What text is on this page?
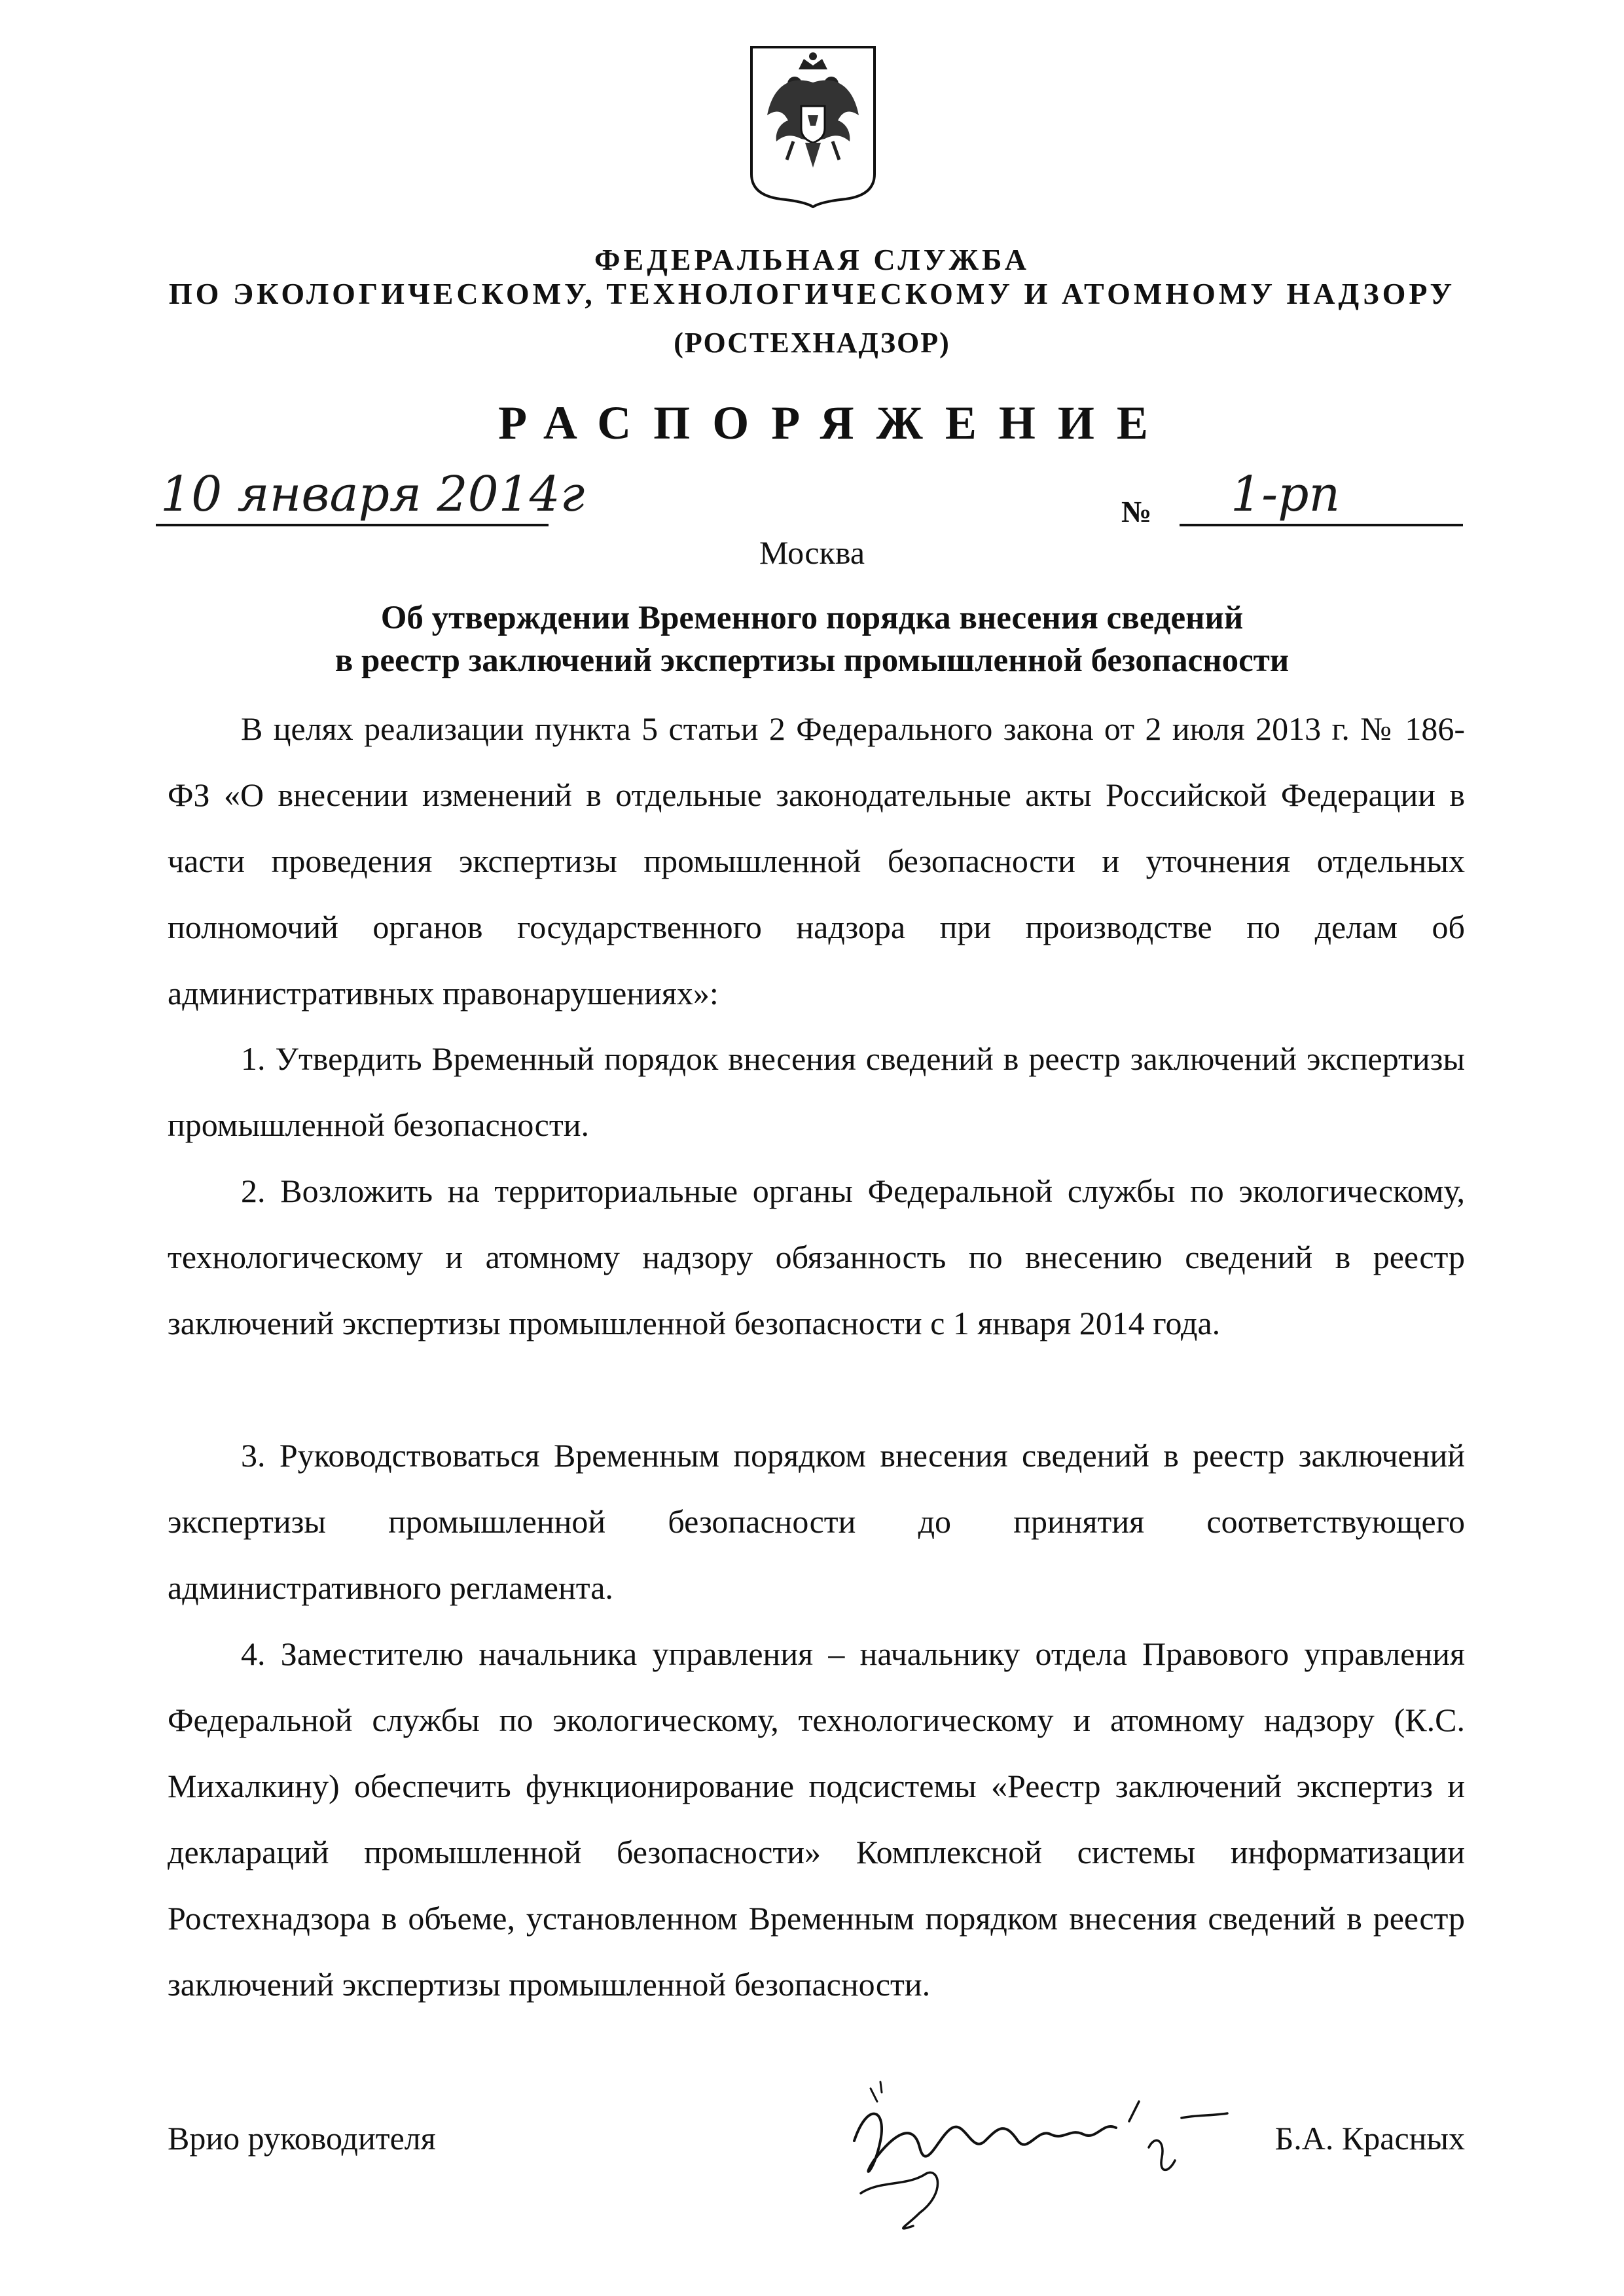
ФЕДЕРАЛЬНАЯ СЛУЖБА
ПО ЭКОЛОГИЧЕСКОМУ, ТЕХНОЛОГИЧЕСКОМУ И АТОМНОМУ НАДЗОРУ
(РОСТЕХНАДЗОР)
РАСПОРЯЖЕНИЕ
10 января 2014г	№ 1-рп
Москва
Об утверждении Временного порядка внесения сведений
в реестр заключений экспертизы промышленной безопасности

В целях реализации пункта 5 статьи 2 Федерального закона от 2 июля 2013 г. № 186-ФЗ «О внесении изменений в отдельные законодательные акты Российской Федерации в части проведения экспертизы промышленной безопасности и уточнения отдельных полномочий органов государственного надзора при производстве по делам об административных правонарушениях»:

1. Утвердить Временный порядок внесения сведений в реестр заключений экспертизы промышленной безопасности.

2. Возложить на территориальные органы Федеральной службы по экологическому, технологическому и атомному надзору обязанность по внесению сведений в реестр заключений экспертизы промышленной безопасности с 1 января 2014 года.

3. Руководствоваться Временным порядком внесения сведений в реестр заключений экспертизы промышленной безопасности до принятия соответствующего административного регламента.

4. Заместителю начальника управления – начальнику отдела Правового управления Федеральной службы по экологическому, технологическому и атомному надзору (К.С. Михалкину) обеспечить функционирование подсистемы «Реестр заключений экспертиз и деклараций промышленной безопасности» Комплексной системы информатизации Ростехнадзора в объеме, установленном Временным порядком внесения сведений в реестр заключений экспертизы промышленной безопасности.

Врио руководителя	Б.А. Красных
